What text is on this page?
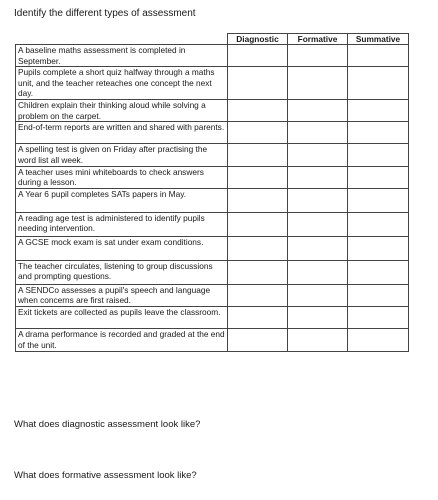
Identify the different types of assessment
	Diagnostic	Formative	Summative
A baseline maths assessment is completed in September.			
Pupils complete a short quiz halfway through a maths unit, and the teacher reteaches one concept the next day.			
Children explain their thinking aloud while solving a problem on the carpet.			
End-of-term reports are written and shared with parents.			
A spelling test is given on Friday after practising the word list all week.			
A teacher uses mini whiteboards to check answers during a lesson.			
A Year 6 pupil completes SATs papers in May.			
A reading age test is administered to identify pupils needing intervention.			
A GCSE mock exam is sat under exam conditions.			
The teacher circulates, listening to group discussions and prompting questions.			
A SENDCo assesses a pupil's speech and language when concerns are first raised.			
Exit tickets are collected as pupils leave the classroom.			
A drama performance is recorded and graded at the end of the unit.			
What does diagnostic assessment look like?
What does formative assessment look like?
